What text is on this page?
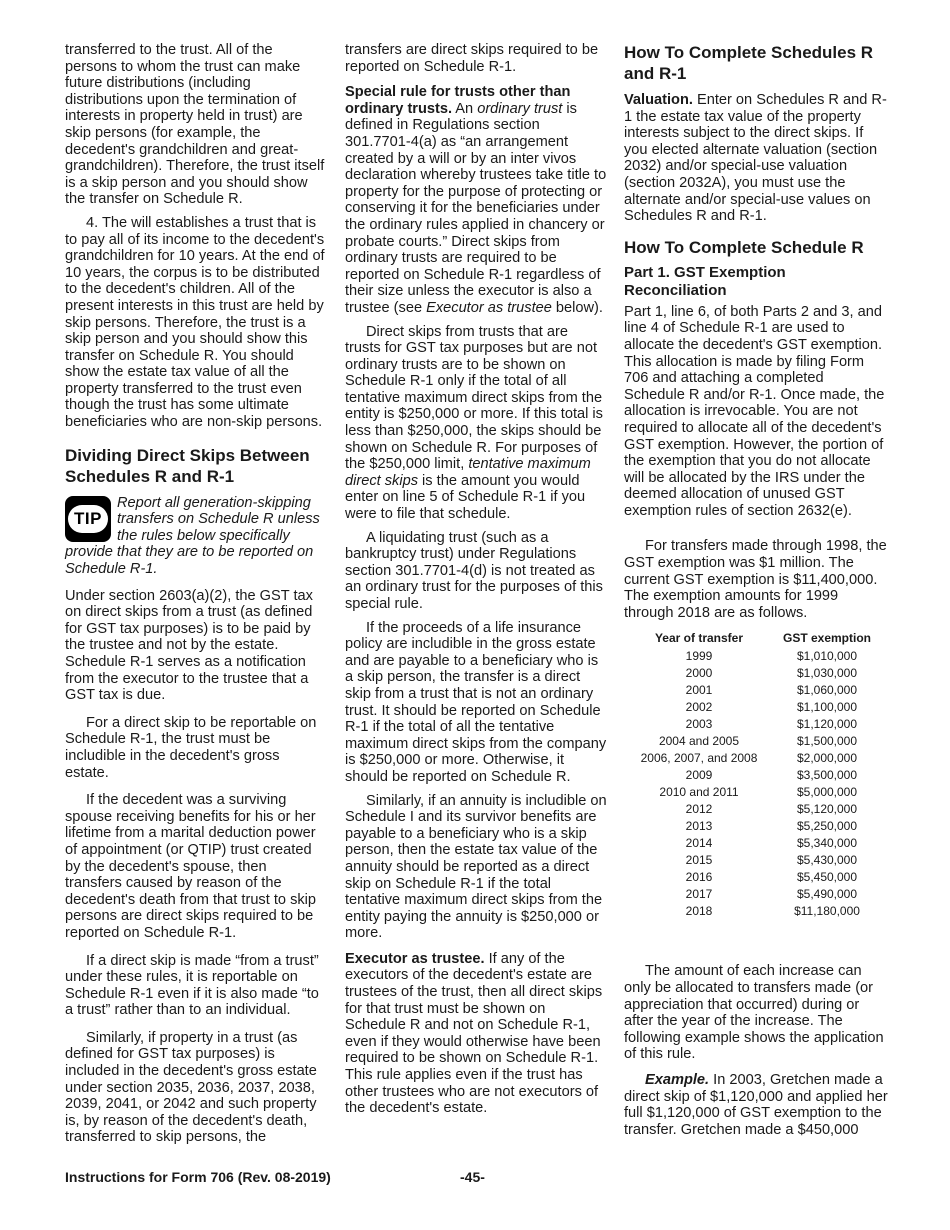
transferred to the trust. All of the persons to whom the trust can make future distributions (including distributions upon the termination of interests in property held in trust) are skip persons (for example, the decedent's grandchildren and great-grandchildren). Therefore, the trust itself is a skip person and you should show the transfer on Schedule R.

4. The will establishes a trust that is to pay all of its income to the decedent's grandchildren for 10 years. At the end of 10 years, the corpus is to be distributed to the decedent's children. All of the present interests in this trust are held by skip persons. Therefore, the trust is a skip person and you should show this transfer on Schedule R. You should show the estate tax value of all the property transferred to the trust even though the trust has some ultimate beneficiaries who are non-skip persons.

Dividing Direct Skips Between Schedules R and R-1
TIP
Report all generation-skipping transfers on Schedule R unless the rules below specifically provide that they are to be reported on Schedule R-1.

Under section 2603(a)(2), the GST tax on direct skips from a trust (as defined for GST tax purposes) is to be paid by the trustee and not by the estate. Schedule R-1 serves as a notification from the executor to the trustee that a GST tax is due.

For a direct skip to be reportable on Schedule R-1, the trust must be includible in the decedent's gross estate.

If the decedent was a surviving spouse receiving benefits for his or her lifetime from a marital deduction power of appointment (or QTIP) trust created by the decedent's spouse, then transfers caused by reason of the decedent's death from that trust to skip persons are direct skips required to be reported on Schedule R-1.

If a direct skip is made “from a trust” under these rules, it is reportable on Schedule R-1 even if it is also made “to a trust” rather than to an individual.

Similarly, if property in a trust (as defined for GST tax purposes) is included in the decedent's gross estate under section 2035, 2036, 2037, 2038, 2039, 2041, or 2042 and such property is, by reason of the decedent's death, transferred to skip persons, the

transfers are direct skips required to be reported on Schedule R-1.

Special rule for trusts other than ordinary trusts. An ordinary trust is defined in Regulations section 301.7701-4(a) as “an arrangement created by a will or by an inter vivos declaration whereby trustees take title to property for the purpose of protecting or conserving it for the beneficiaries under the ordinary rules applied in chancery or probate courts.” Direct skips from ordinary trusts are required to be reported on Schedule R-1 regardless of their size unless the executor is also a trustee (see Executor as trustee below).

Direct skips from trusts that are trusts for GST tax purposes but are not ordinary trusts are to be shown on Schedule R-1 only if the total of all tentative maximum direct skips from the entity is $250,000 or more. If this total is less than $250,000, the skips should be shown on Schedule R. For purposes of the $250,000 limit, tentative maximum direct skips is the amount you would enter on line 5 of Schedule R-1 if you were to file that schedule.

A liquidating trust (such as a bankruptcy trust) under Regulations section 301.7701-4(d) is not treated as an ordinary trust for the purposes of this special rule.

If the proceeds of a life insurance policy are includible in the gross estate and are payable to a beneficiary who is a skip person, the transfer is a direct skip from a trust that is not an ordinary trust. It should be reported on Schedule R-1 if the total of all the tentative maximum direct skips from the company is $250,000 or more. Otherwise, it should be reported on Schedule R.

Similarly, if an annuity is includible on Schedule I and its survivor benefits are payable to a beneficiary who is a skip person, then the estate tax value of the annuity should be reported as a direct skip on Schedule R-1 if the total tentative maximum direct skips from the entity paying the annuity is $250,000 or more.

Executor as trustee. If any of the executors of the decedent's estate are trustees of the trust, then all direct skips for that trust must be shown on Schedule R and not on Schedule R-1, even if they would otherwise have been required to be shown on Schedule R-1. This rule applies even if the trust has other trustees who are not executors of the decedent's estate.

How To Complete Schedules R and R-1

Valuation. Enter on Schedules R and R-1 the estate tax value of the property interests subject to the direct skips. If you elected alternate valuation (section 2032) and/or special-use valuation (section 2032A), you must use the alternate and/or special-use values on Schedules R and R-1.

How To Complete Schedule R
Part 1. GST Exemption Reconciliation

Part 1, line 6, of both Parts 2 and 3, and line 4 of Schedule R-1 are used to allocate the decedent's GST exemption. This allocation is made by filing Form 706 and attaching a completed Schedule R and/or R-1. Once made, the allocation is irrevocable. You are not required to allocate all of the decedent's GST exemption. However, the portion of the exemption that you do not allocate will be allocated by the IRS under the deemed allocation of unused GST exemption rules of section 2632(e).

For transfers made through 1998, the GST exemption was $1 million. The current GST exemption is $11,400,000. The exemption amounts for 1999 through 2018 are as follows.

Year of transfer	GST exemption
1999	$1,010,000
2000	$1,030,000
2001	$1,060,000
2002	$1,100,000
2003	$1,120,000
2004 and 2005	$1,500,000
2006, 2007, and 2008	$2,000,000
2009	$3,500,000
2010 and 2011	$5,000,000
2012	$5,120,000
2013	$5,250,000
2014	$5,340,000
2015	$5,430,000
2016	$5,450,000
2017	$5,490,000
2018	$11,180,000

The amount of each increase can only be allocated to transfers made (or appreciation that occurred) during or after the year of the increase. The following example shows the application of this rule.

Example. In 2003, Gretchen made a direct skip of $1,120,000 and applied her full $1,120,000 of GST exemption to the transfer. Gretchen made a $450,000

Instructions for Form 706 (Rev. 08-2019)	-45-
